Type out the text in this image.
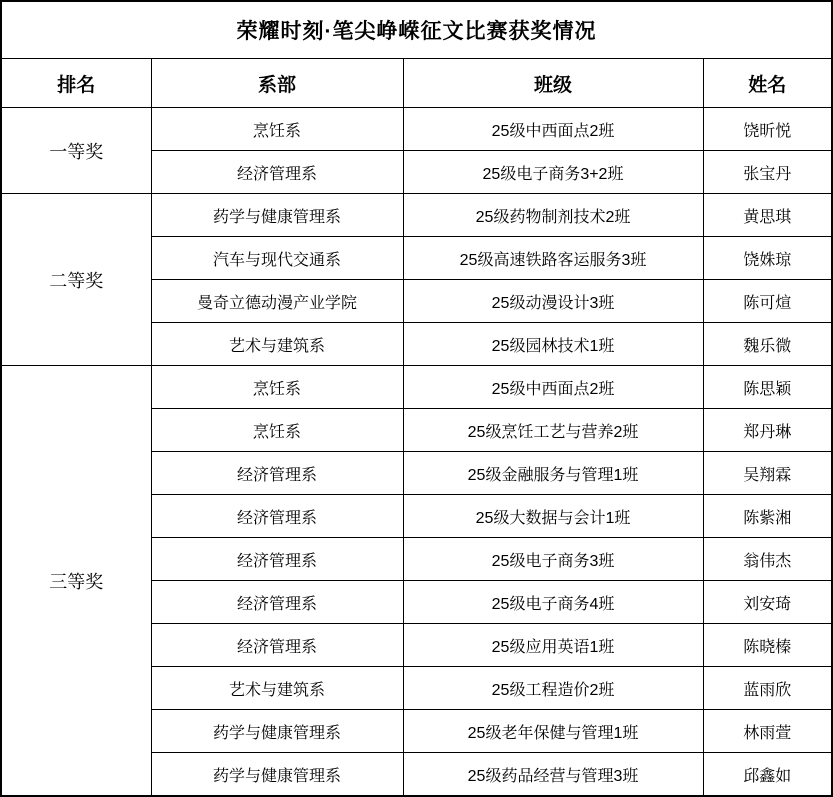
荣耀时刻·笔尖峥嵘征文比赛获奖情况			
排名	系部	班级	姓名
一等奖	烹饪系	25级中西面点2班	饶昕悦
	经济管理系	25级电子商务3+2班	张宝丹
二等奖	药学与健康管理系	25级药物制剂技术2班	黄思琪
	汽车与现代交通系	25级高速铁路客运服务3班	饶姝琼
	曼奇立德动漫产业学院	25级动漫设计3班	陈可煊
	艺术与建筑系	25级园林技术1班	魏乐微
三等奖	烹饪系	25级中西面点2班	陈思颖
	烹饪系	25级烹饪工艺与营养2班	郑丹琳
	经济管理系	25级金融服务与管理1班	吴翔霖
	经济管理系	25级大数据与会计1班	陈紫湘
	经济管理系	25级电子商务3班	翁伟杰
	经济管理系	25级电子商务4班	刘安琦
	经济管理系	25级应用英语1班	陈晓榛
	艺术与建筑系	25级工程造价2班	蓝雨欣
	药学与健康管理系	25级老年保健与管理1班	林雨萱
	药学与健康管理系	25级药品经营与管理3班	邱鑫如
